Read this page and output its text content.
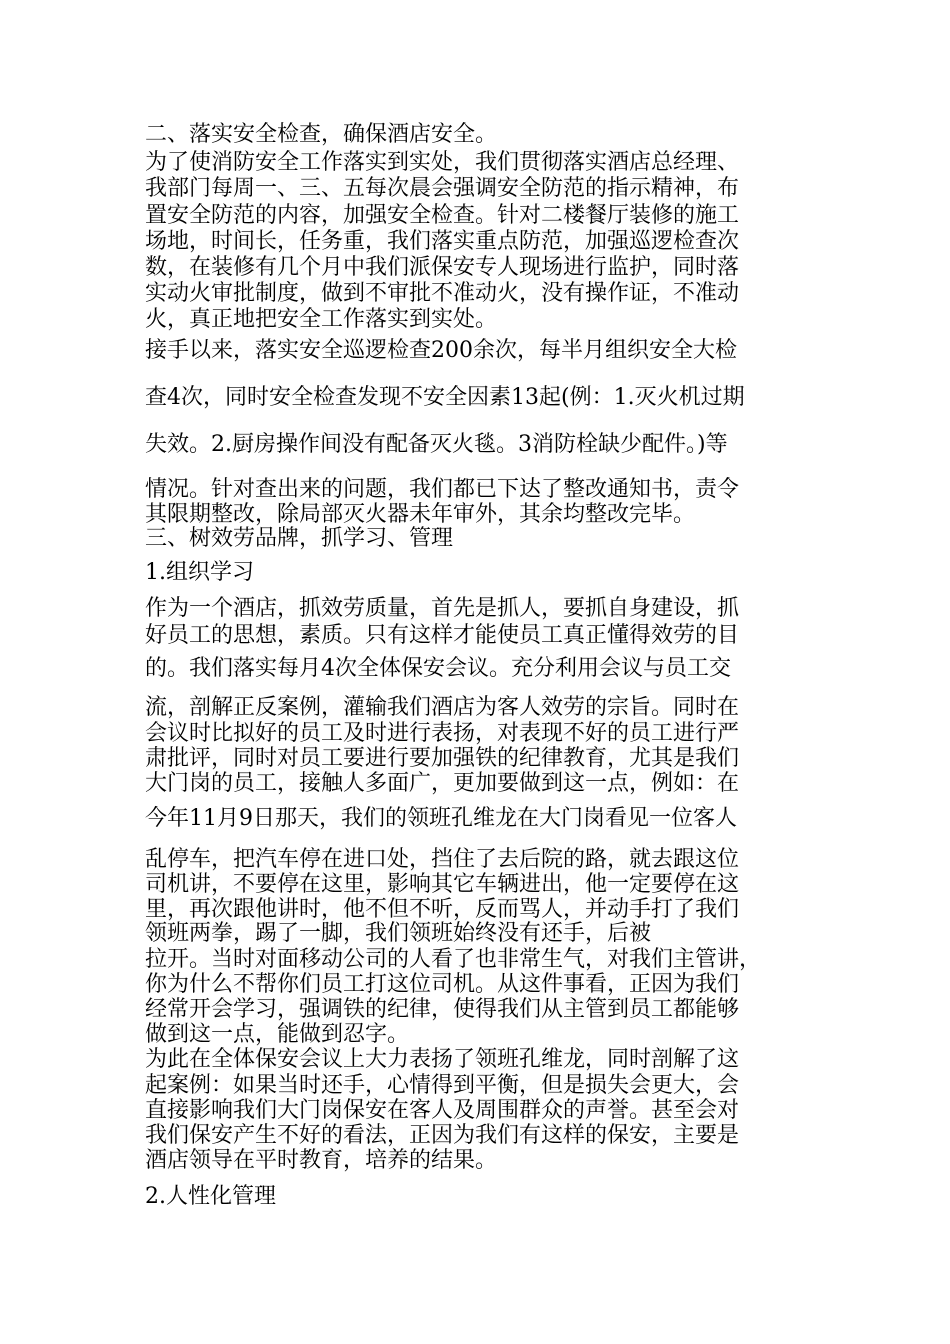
二、落实安全检查，确保酒店安全。

为了使消防安全工作落实到实处，我们贯彻落实酒店总经理、

我部门每周一、三、五每次晨会强调安全防范的指示精神，布

置安全防范的内容，加强安全检查。针对二楼餐厅装修的施工

场地，时间长，任务重，我们落实重点防范，加强巡逻检查次

数，在装修有几个月中我们派保安专人现场进行监护，同时落

实动火审批制度，做到不审批不准动火，没有操作证，不准动

火，真正地把安全工作落实到实处。

接手以来，落实安全巡逻检查200余次，每半月组织安全大检

查4次，同时安全检查发现不安全因素13起(例：1.灭火机过期

失效。2.厨房操作间没有配备灭火毯。3消防栓缺少配件。)等

情况。针对查出来的问题，我们都已下达了整改通知书，责令

其限期整改，除局部灭火器未年审外，其余均整改完毕。

三、树效劳品牌，抓学习、管理

1.组织学习

作为一个酒店，抓效劳质量，首先是抓人，要抓自身建设，抓

好员工的思想，素质。只有这样才能使员工真正懂得效劳的目

的。我们落实每月4次全体保安会议。充分利用会议与员工交

流，剖解正反案例，灌输我们酒店为客人效劳的宗旨。同时在

会议时比拟好的员工及时进行表扬，对表现不好的员工进行严

肃批评，同时对员工要进行要加强铁的纪律教育，尤其是我们

大门岗的员工，接触人多面广，更加要做到这一点，例如：在

今年11月9日那天，我们的领班孔维龙在大门岗看见一位客人

乱停车，把汽车停在进口处，挡住了去后院的路，就去跟这位

司机讲，不要停在这里，影响其它车辆进出，他一定要停在这

里，再次跟他讲时，他不但不听，反而骂人，并动手打了我们

领班两拳，踢了一脚，我们领班始终没有还手，后被

拉开。当时对面移动公司的人看了也非常生气，对我们主管讲，

你为什么不帮你们员工打这位司机。从这件事看，正因为我们

经常开会学习，强调铁的纪律，使得我们从主管到员工都能够

做到这一点，能做到忍字。

为此在全体保安会议上大力表扬了领班孔维龙，同时剖解了这

起案例：如果当时还手，心情得到平衡，但是损失会更大，会

直接影响我们大门岗保安在客人及周围群众的声誉。甚至会对

我们保安产生不好的看法，正因为我们有这样的保安，主要是

酒店领导在平时教育，培养的结果。

2.人性化管理
